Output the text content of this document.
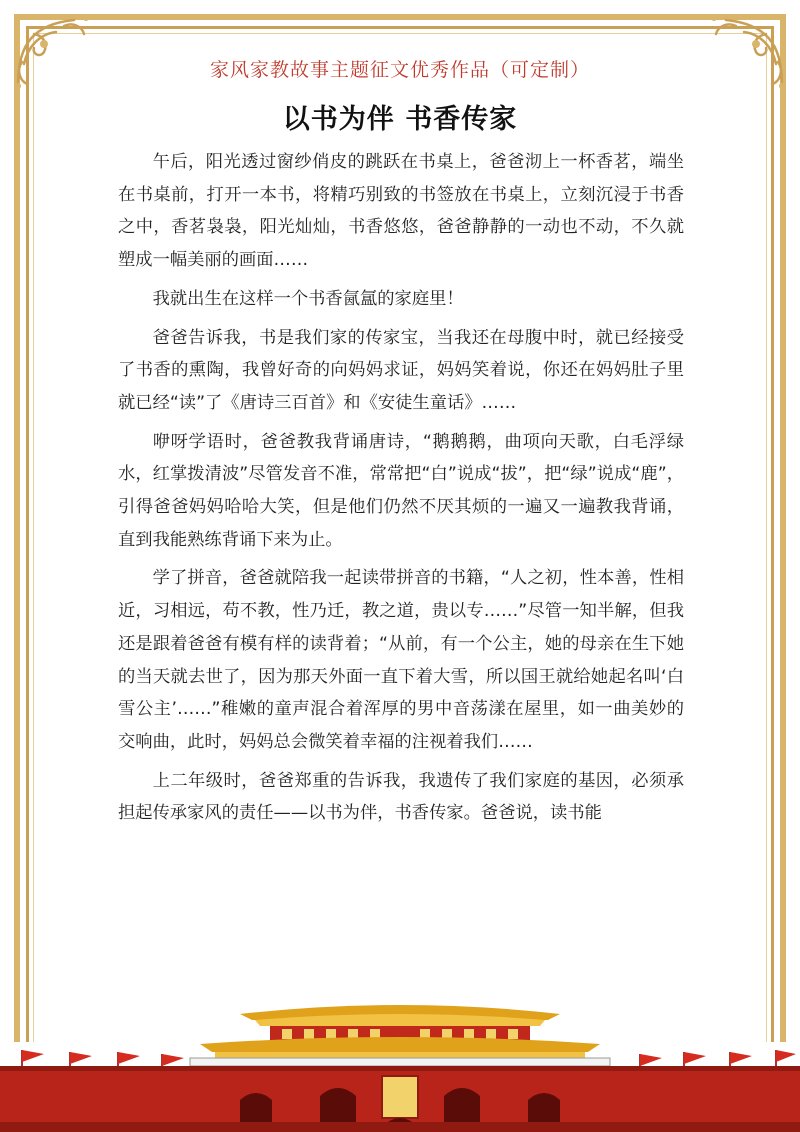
家风家教故事主题征文优秀作品（可定制）
以书为伴 书香传家

午后，阳光透过窗纱俏皮的跳跃在书桌上，爸爸沏上一杯香茗，端坐在书桌前，打开一本书，将精巧别致的书签放在书桌上，立刻沉浸于书香之中，香茗袅袅，阳光灿灿，书香悠悠，爸爸静静的一动也不动，不久就塑成一幅美丽的画面……

我就出生在这样一个书香氤氲的家庭里！

爸爸告诉我，书是我们家的传家宝，当我还在母腹中时，就已经接受了书香的熏陶，我曾好奇的向妈妈求证，妈妈笑着说，你还在妈妈肚子里就已经“读”了《唐诗三百首》和《安徒生童话》……

咿呀学语时，爸爸教我背诵唐诗，“鹅鹅鹅，曲项向天歌，白毛浮绿水，红掌拨清波”尽管发音不准，常常把“白”说成“拔”，把“绿”说成“鹿”，引得爸爸妈妈哈哈大笑，但是他们仍然不厌其烦的一遍又一遍教我背诵，直到我能熟练背诵下来为止。

学了拼音，爸爸就陪我一起读带拼音的书籍，“人之初，性本善，性相近，习相远，苟不教，性乃迁，教之道，贵以专……”尽管一知半解，但我还是跟着爸爸有模有样的读背着；“从前，有一个公主，她的母亲在生下她的当天就去世了，因为那天外面一直下着大雪，所以国王就给她起名叫‘白雪公主’……”稚嫩的童声混合着浑厚的男中音荡漾在屋里，如一曲美妙的交响曲，此时，妈妈总会微笑着幸福的注视着我们……

上二年级时，爸爸郑重的告诉我，我遗传了我们家庭的基因，必须承担起传承家风的责任——以书为伴，书香传家。爸爸说，读书能
